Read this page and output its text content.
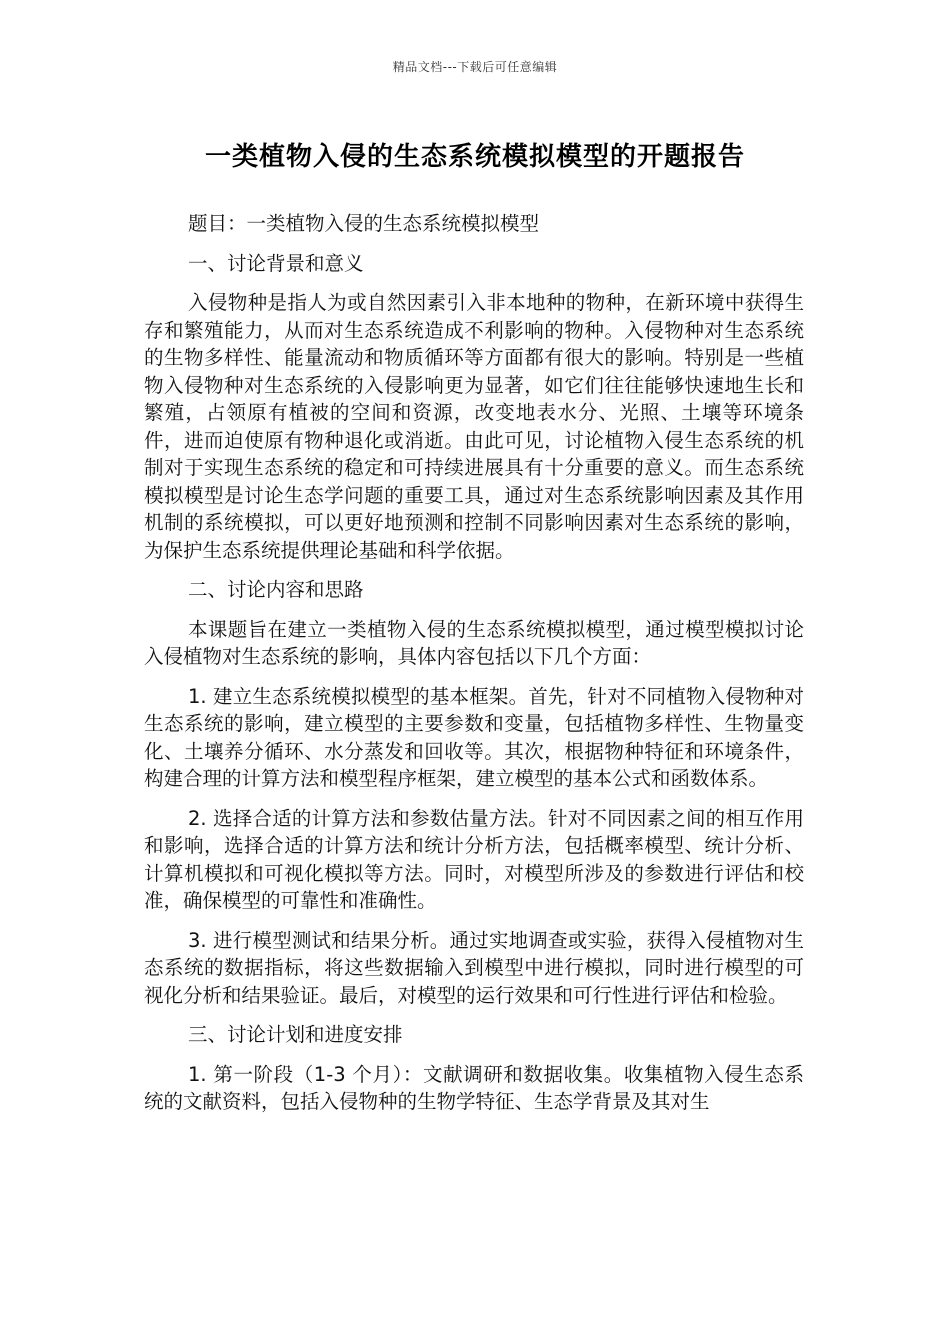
精品文档---下载后可任意编辑
一类植物入侵的生态系统模拟模型的开题报告

题目：一类植物入侵的生态系统模拟模型

一、讨论背景和意义

入侵物种是指人为或自然因素引入非本地种的物种，在新环境中获得生存和繁殖能力，从而对生态系统造成不利影响的物种。入侵物种对生态系统的生物多样性、能量流动和物质循环等方面都有很大的影响。特别是一些植物入侵物种对生态系统的入侵影响更为显著，如它们往往能够快速地生长和繁殖，占领原有植被的空间和资源，改变地表水分、光照、土壤等环境条件，进而迫使原有物种退化或消逝。由此可见，讨论植物入侵生态系统的机制对于实现生态系统的稳定和可持续进展具有十分重要的意义。而生态系统模拟模型是讨论生态学问题的重要工具，通过对生态系统影响因素及其作用机制的系统模拟，可以更好地预测和控制不同影响因素对生态系统的影响，为保护生态系统提供理论基础和科学依据。

二、讨论内容和思路

本课题旨在建立一类植物入侵的生态系统模拟模型，通过模型模拟讨论入侵植物对生态系统的影响，具体内容包括以下几个方面：

1. 建立生态系统模拟模型的基本框架。首先，针对不同植物入侵物种对生态系统的影响，建立模型的主要参数和变量，包括植物多样性、生物量变化、土壤养分循环、水分蒸发和回收等。其次，根据物种特征和环境条件，构建合理的计算方法和模型程序框架，建立模型的基本公式和函数体系。

2. 选择合适的计算方法和参数估量方法。针对不同因素之间的相互作用和影响，选择合适的计算方法和统计分析方法，包括概率模型、统计分析、计算机模拟和可视化模拟等方法。同时，对模型所涉及的参数进行评估和校准，确保模型的可靠性和准确性。

3. 进行模型测试和结果分析。通过实地调查或实验，获得入侵植物对生态系统的数据指标，将这些数据输入到模型中进行模拟，同时进行模型的可视化分析和结果验证。最后，对模型的运行效果和可行性进行评估和检验。

三、讨论计划和进度安排

1. 第一阶段（1-3 个月）：文献调研和数据收集。收集植物入侵生态系统的文献资料，包括入侵物种的生物学特征、生态学背景及其对生
